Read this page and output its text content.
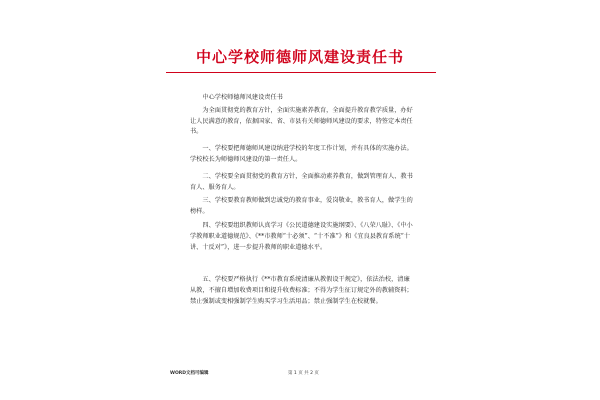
中心学校师德师风建设责任书

中心学校师德师风建设责任书

为全面贯彻党的教育方针，全面实施素养教育，全面提升教育教学质量，办好让人民满意的教育，依据国家、省、市县有关师德师风建设的要求，特签定本责任书。

一、学校要把师德师风建设纳进学校的年度工作计划，并有具体的实施办法。学校校长为师德师风建设的第一责任人。

二、学校要全面贯彻党的教育方针，全面推动素养教育，做到管理育人、教书育人、服务育人。

三、学校要教育教师做到忠诚党的教育事业，爱岗敬业，教书育人，做学生的榜样。

四、学校要组织教师认真学习《公民道德建设实施纲要》、《八荣八耻》、《中小学教师职业道德规范》、《**市教师“十必须”、“十不准”》和《宜良县教育系统“十讲、十反对”》，进一步提升教师的职业道德水平。

五、学校要严格执行《**市教育系统清廉从教假设干规定》，依法治校，清廉从教，不擅自增加收费项目和提升收费标准；不得为学生征订规定外的教辅资料；禁止强制或变相强制学生购买学习生活用品；禁止强制学生在校就餐。

WORD文档可编辑	第 1 页 共 2 页
